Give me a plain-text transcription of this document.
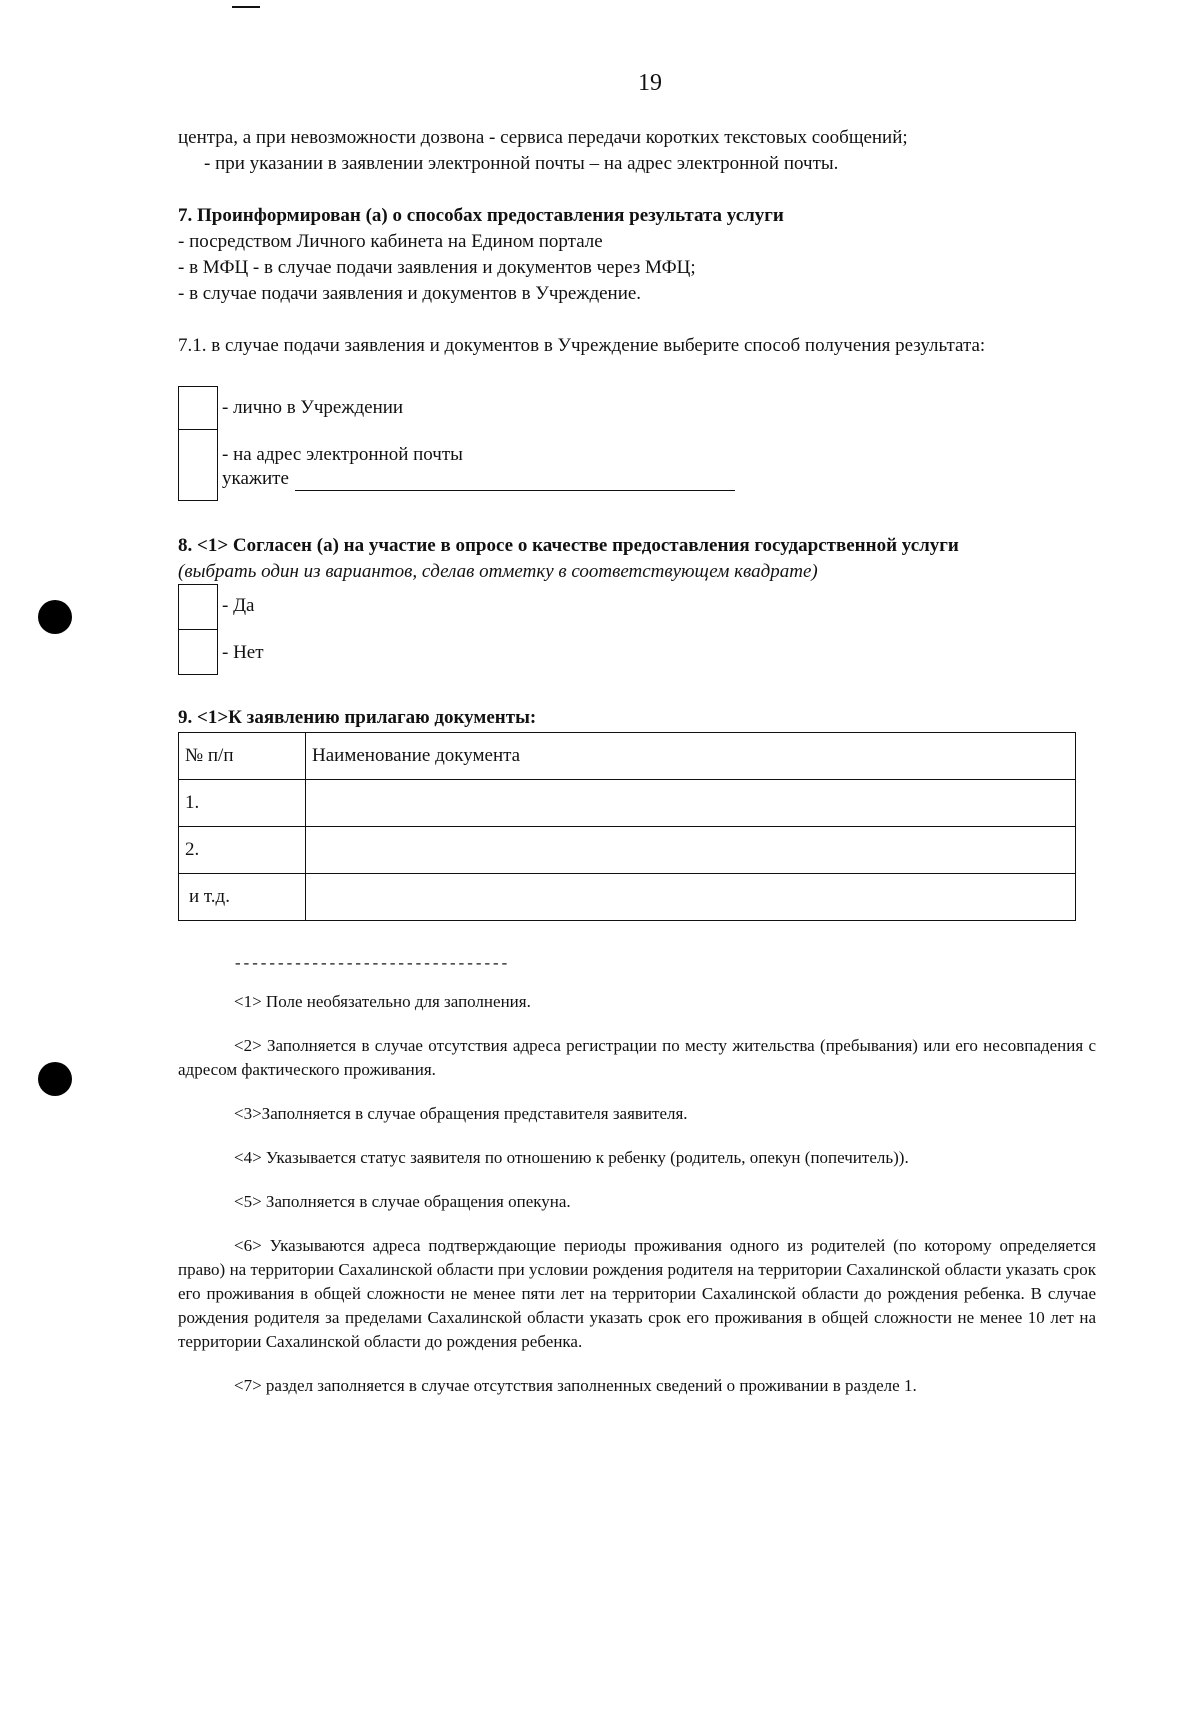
19

центра, а при невозможности дозвона - сервиса передачи коротких текстовых сообщений;

- при указании в заявлении электронной почты – на адрес электронной почты.

7. Проинформирован (а) о способах предоставления результата услуги

- посредством Личного кабинета на Едином портале

- в МФЦ - в случае подачи заявления и документов через МФЦ;

- в случае подачи заявления и документов в Учреждение.

7.1. в случае подачи заявления и документов в Учреждение выберите способ получения результата:

- лично в Учреждении
- на адрес электронной почты
укажите
8. <1> Согласен (а) на участие в опросе о качестве предоставления государственной услуги

(выбрать один из вариантов, сделав отметку в соответствующем квадрате)

- Да
- Нет
9. <1>К заявлению прилагаю документы:
№ п/п	Наименование документа
1.	
2.	
и т.д.	
--------------------------------

<1> Поле необязательно для заполнения.

<2> Заполняется в случае отсутствия адреса регистрации по месту жительства (пребывания) или его несовпадения с адресом фактического проживания.

<3>Заполняется в случае обращения представителя заявителя.

<4> Указывается статус заявителя по отношению к ребенку (родитель, опекун (попечитель)).

<5> Заполняется в случае обращения опекуна.

<6> Указываются адреса подтверждающие периоды проживания одного из родителей (по которому определяется право) на территории Сахалинской области при условии рождения родителя на территории Сахалинской области указать срок его проживания в общей сложности не менее пяти лет на территории Сахалинской области до рождения ребенка. В случае рождения родителя за пределами Сахалинской области указать срок его проживания в общей сложности не менее 10 лет на территории Сахалинской области до рождения ребенка.

<7> раздел заполняется в случае отсутствия заполненных сведений о проживании в разделе 1.
